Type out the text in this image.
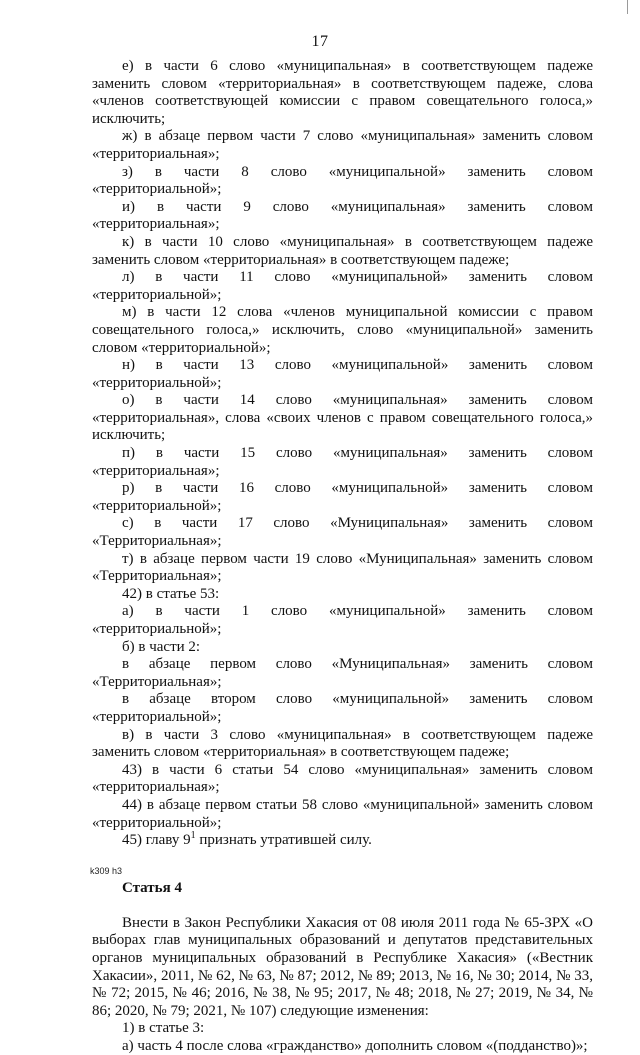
17

е) в части 6 слово «муниципальная» в соответствующем падеже заменить словом «территориальная» в соответствующем падеже, слова «членов соответствующей комиссии с правом совещательного голоса,» исключить;

ж) в абзаце первом части 7 слово «муниципальная» заменить словом «территориальная»;

з) в части 8 слово «муниципальной» заменить словом «территориальной»;

и) в части 9 слово «муниципальная» заменить словом «территориальная»;

к) в части 10 слово «муниципальная» в соответствующем падеже заменить словом «территориальная» в соответствующем падеже;

л) в части 11 слово «муниципальной» заменить словом «территориальной»;

м) в части 12 слова «членов муниципальной комиссии с правом совещательного голоса,» исключить, слово «муниципальной» заменить словом «территориальной»;

н) в части 13 слово «муниципальной» заменить словом «территориальной»;

о) в части 14 слово «муниципальная» заменить словом «территориальная», слова «своих членов с правом совещательного голоса,» исключить;

п) в части 15 слово «муниципальная» заменить словом «территориальная»;

р) в части 16 слово «муниципальной» заменить словом «территориальной»;

с) в части 17 слово «Муниципальная» заменить словом «Территориальная»;

т) в абзаце первом части 19 слово «Муниципальная» заменить словом «Территориальная»;

42) в статье 53:

а) в части 1 слово «муниципальной» заменить словом «территориальной»;

б) в части 2:

в абзаце первом слово «Муниципальная» заменить словом «Территориальная»;

в абзаце втором слово «муниципальной» заменить словом «территориальной»;

в) в части 3 слово «муниципальная» в соответствующем падеже заменить словом «территориальная» в соответствующем падеже;

43) в части 6 статьи 54 слово «муниципальная» заменить словом «территориальная»;

44) в абзаце первом статьи 58 слово «муниципальной» заменить словом «территориальной»;

45) главу $9^1$ признать утратившей силу.

Статья 4

Внести в Закон Республики Хакасия от 08 июля 2011 года № 65-ЗРХ «О выборах глав муниципальных образований и депутатов представительных органов муниципальных образований в Республике Хакасия» («Вестник Хакасии», 2011, № 62, № 63, № 87; 2012, № 89; 2013, № 16, № 30; 2014, № 33, № 72; 2015, № 46; 2016, № 38, № 95; 2017, № 48; 2018, № 27; 2019, № 34, № 86; 2020, № 79; 2021, № 107) следующие изменения:

1) в статье 3:

а) часть 4 после слова «гражданство» дополнить словом «(подданство)»;

k309 h3
